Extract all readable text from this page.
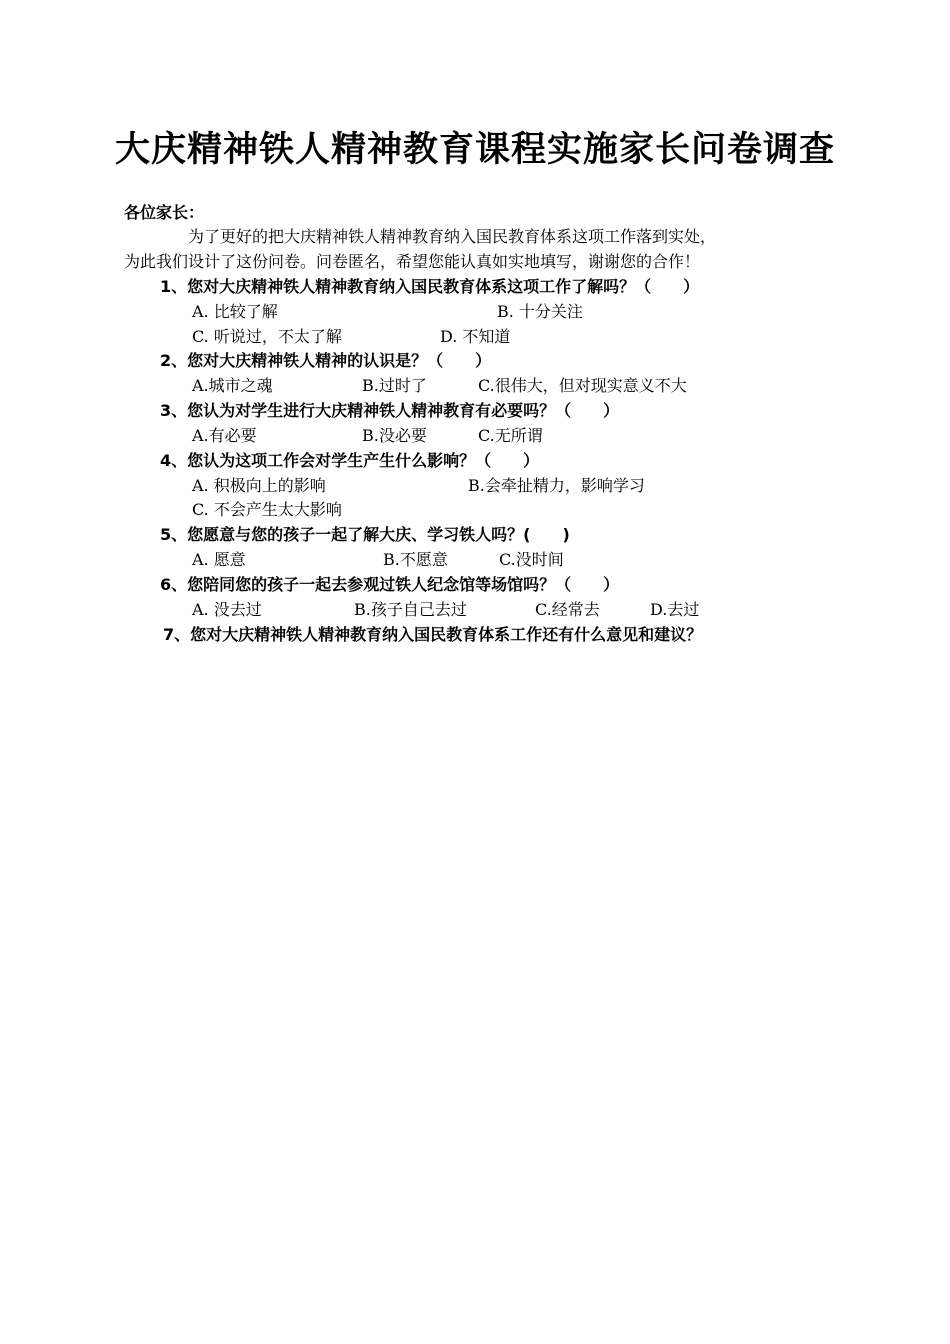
大庆精神铁人精神教育课程实施家长问卷调查
各位家长：
为了更好的把大庆精神铁人精神教育纳入国民教育体系这项工作落到实处，
为此我们设计了这份问卷。问卷匿名，希望您能认真如实地填写，谢谢您的合作！
1、您对大庆精神铁人精神教育纳入国民教育体系这项工作了解吗？（　　）
A. 比较了解	B. 十分关注
C. 听说过，不太了解	D. 不知道
2、您对大庆精神铁人精神的认识是？（　　）
A.城市之魂	B.过时了	C.很伟大，但对现实意义不大
3、您认为对学生进行大庆精神铁人精神教育有必要吗？（　　）
A.有必要	B.没必要	C.无所谓
4、您认为这项工作会对学生产生什么影响？（　　）
A. 积极向上的影响	B.会牵扯精力，影响学习
C. 不会产生太大影响
5、您愿意与您的孩子一起了解大庆、学习铁人吗？(　　)
A. 愿意	B.不愿意	C.没时间
6、您陪同您的孩子一起去参观过铁人纪念馆等场馆吗？（　　）
A. 没去过	B.孩子自己去过	C.经常去	D.去过
7、您对大庆精神铁人精神教育纳入国民教育体系工作还有什么意见和建议？
